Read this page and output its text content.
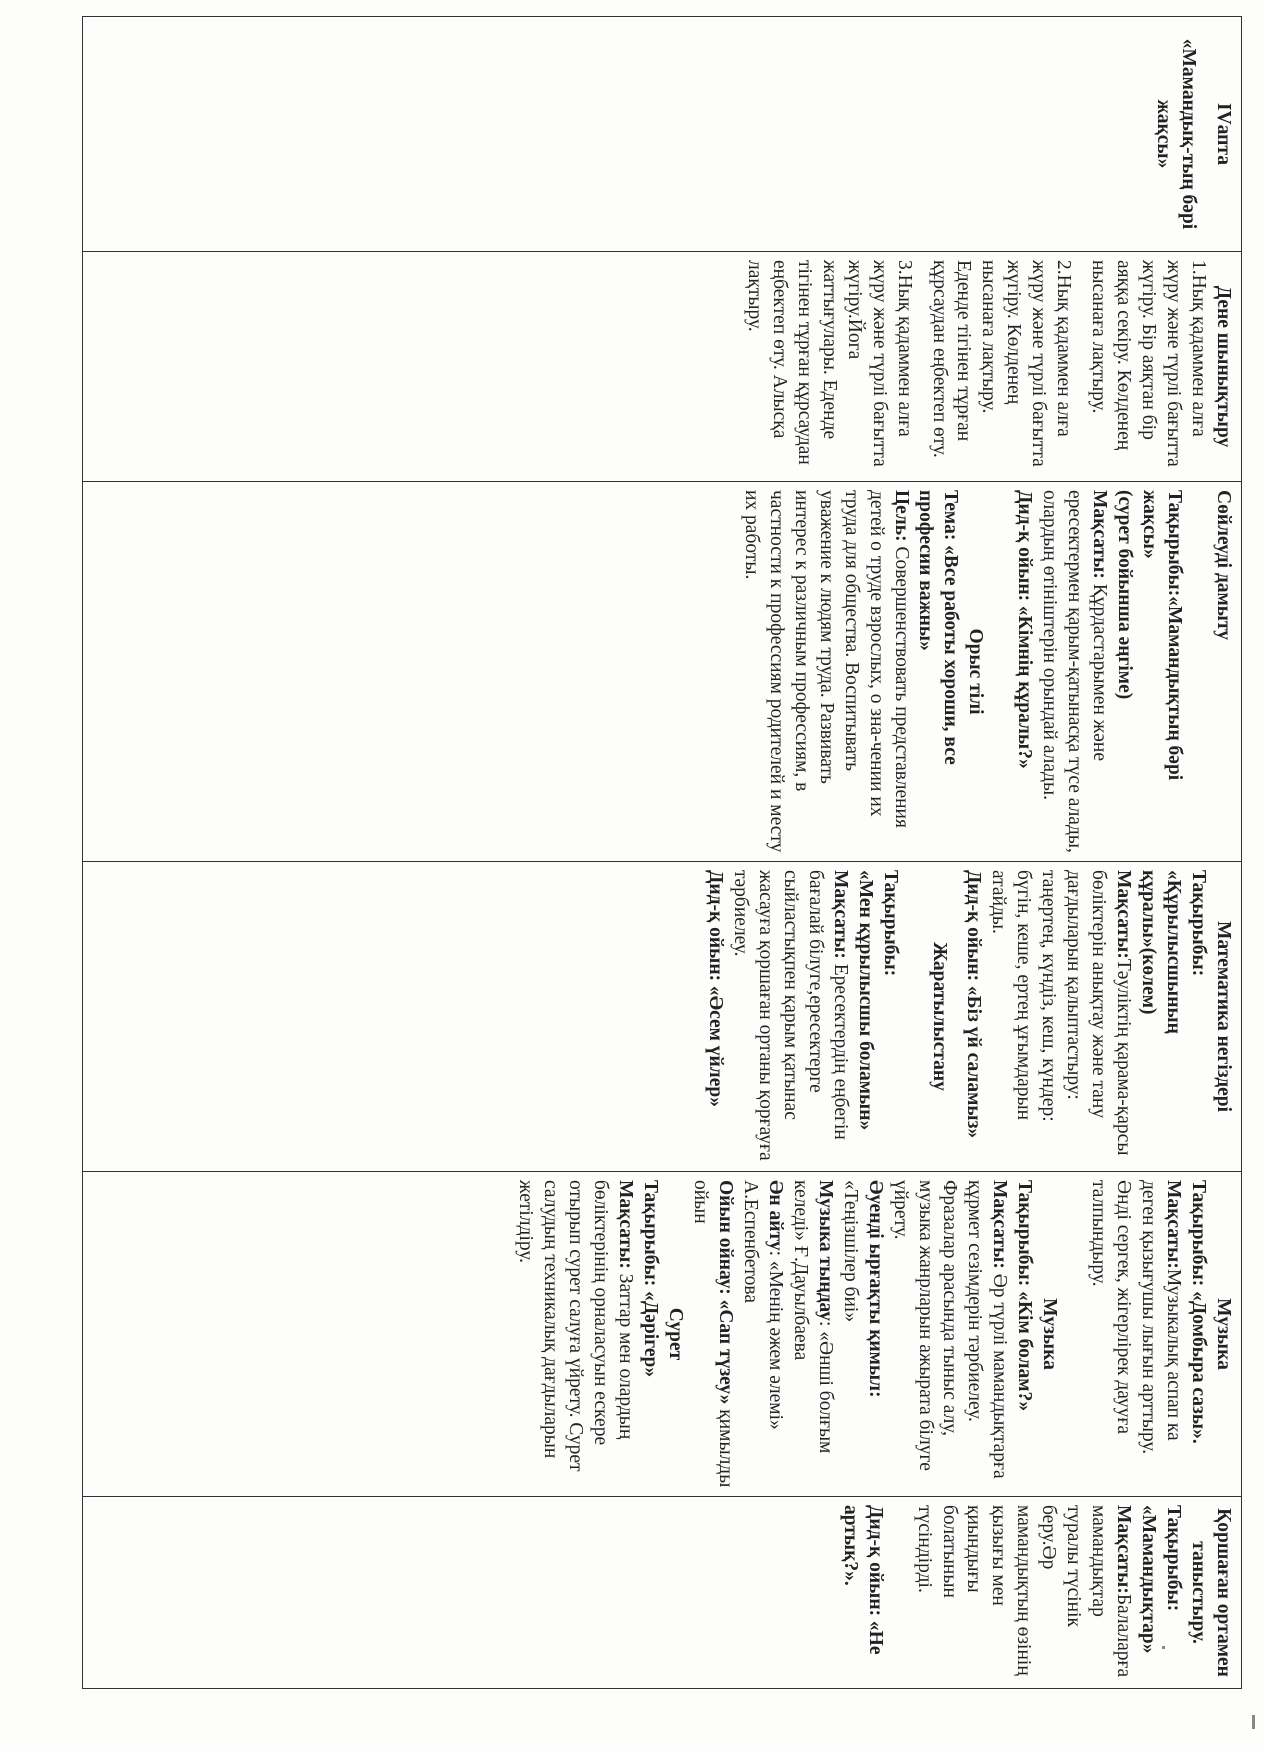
IVапта
«Мамандық-тың бәрі жақсы»

Дене шынықтыру
1.Нық қадаммен алға жүру және түрлі бағытта жүгіру. Бір аяқтан бір аяққа секіру. Көлденең нысанаға лақтыру.
2.Нық қадаммен алға жүру және түрлі бағытта жүгіру. Көлденең нысанаға лақтыру. Еденде тігінен тұрған құрсаудан еңбектеп өту.
3.Нық қадаммен алға жүру және түрлі бағытта жүгіру.Йога жаттығулары. Еденде тігінен тұрған құрсаудан еңбектеп өту. Алысқа лақтыру.

Сөйлеуді дамыту
Тақырыбы:«Мамандықтың бәрі жақсы»
(сурет бойынша әңгіме)
Мақсаты: Құрдастарымен және ересектермен қарым-қатынасқа түсе алады, олардың өтініштерін орындай алады.
Дид-қ ойын: «Кімнің құралы?»
Орыс тілі
Тема: «Все работы хороши, все професии важны»
Цель: Совершенствовать представления детей о труде взрослых, о зна-чении их труда для общества. Воспитывать уважение к людям труда. Развивать интерес к различным профессиям, в частности к профессиям родителей и месту их работы.

Математика негіздері
Тақырыбы:
«Құрылысшының құралы»(көлем)
Мақсаты:Тәуліктің қарама-қарсы бөліктерін анықтау және тану дағдыларын қалыптастыру: таңертең, күндіз, кеш, күндер: бүгін, кеше, ертең ұғымдарын атайды.
Дид-қ ойын: «Біз үй саламыз»
Жаратылыстану
Тақырыбы:
«Мен құрылысшы боламын»
Мақсаты: Ересектердің еңбегін бағалай білуге,ересектерге сыйластықпен қарым қатынас жасауға қоршаған ортаны қорғауға тәрбиелеу.
Дид-қ ойын: «Әсем үйлер»

Музыка
Тақырыбы: «Домбыра сазы».
Мақсаты:Музыкалық аспап ка деген қызығушы лығын арттыру. Әнді сергек, жігерлірек даууға талпындыру.
Музыка
Тақырыбы: «Кім болам?»
Мақсаты: Әр түрлі мамандықтарға құрмет сезімдерін тәрбиелеу. Фразалар арасында тыныс алу, музыка жанрларын ажырата білуге үйрету.
Әуенді ырғақты қимыл: «Теңізшілер биі»
Музыка тыңдау: «Әнші болғым келеді» Ғ.Дауылбаева
Ән айту: «Менің әжем әлемі» А.Еспенбетова
Ойын ойнау: «Сап түзеу» қимылды ойын
Сурет
Тақырыбы: «Дәрігер»
Мақсаты: Заттар мен олардың бөліктерінің орналасуын ескере отырып сурет салуға үйрету. Сурет салудың техникалық дағдыларын жетілдіру.

Қоршаған ортамен таныстыру.
Тақырыбы: «Мамандықтар»
Мақсаты:Балаларға мамандықтар туралы түсінік беру.Әр мамандықтың өзінің қызығы мен қиындығы болатынын түсіндірді.
Дид-қ ойын: «Не артық?».
